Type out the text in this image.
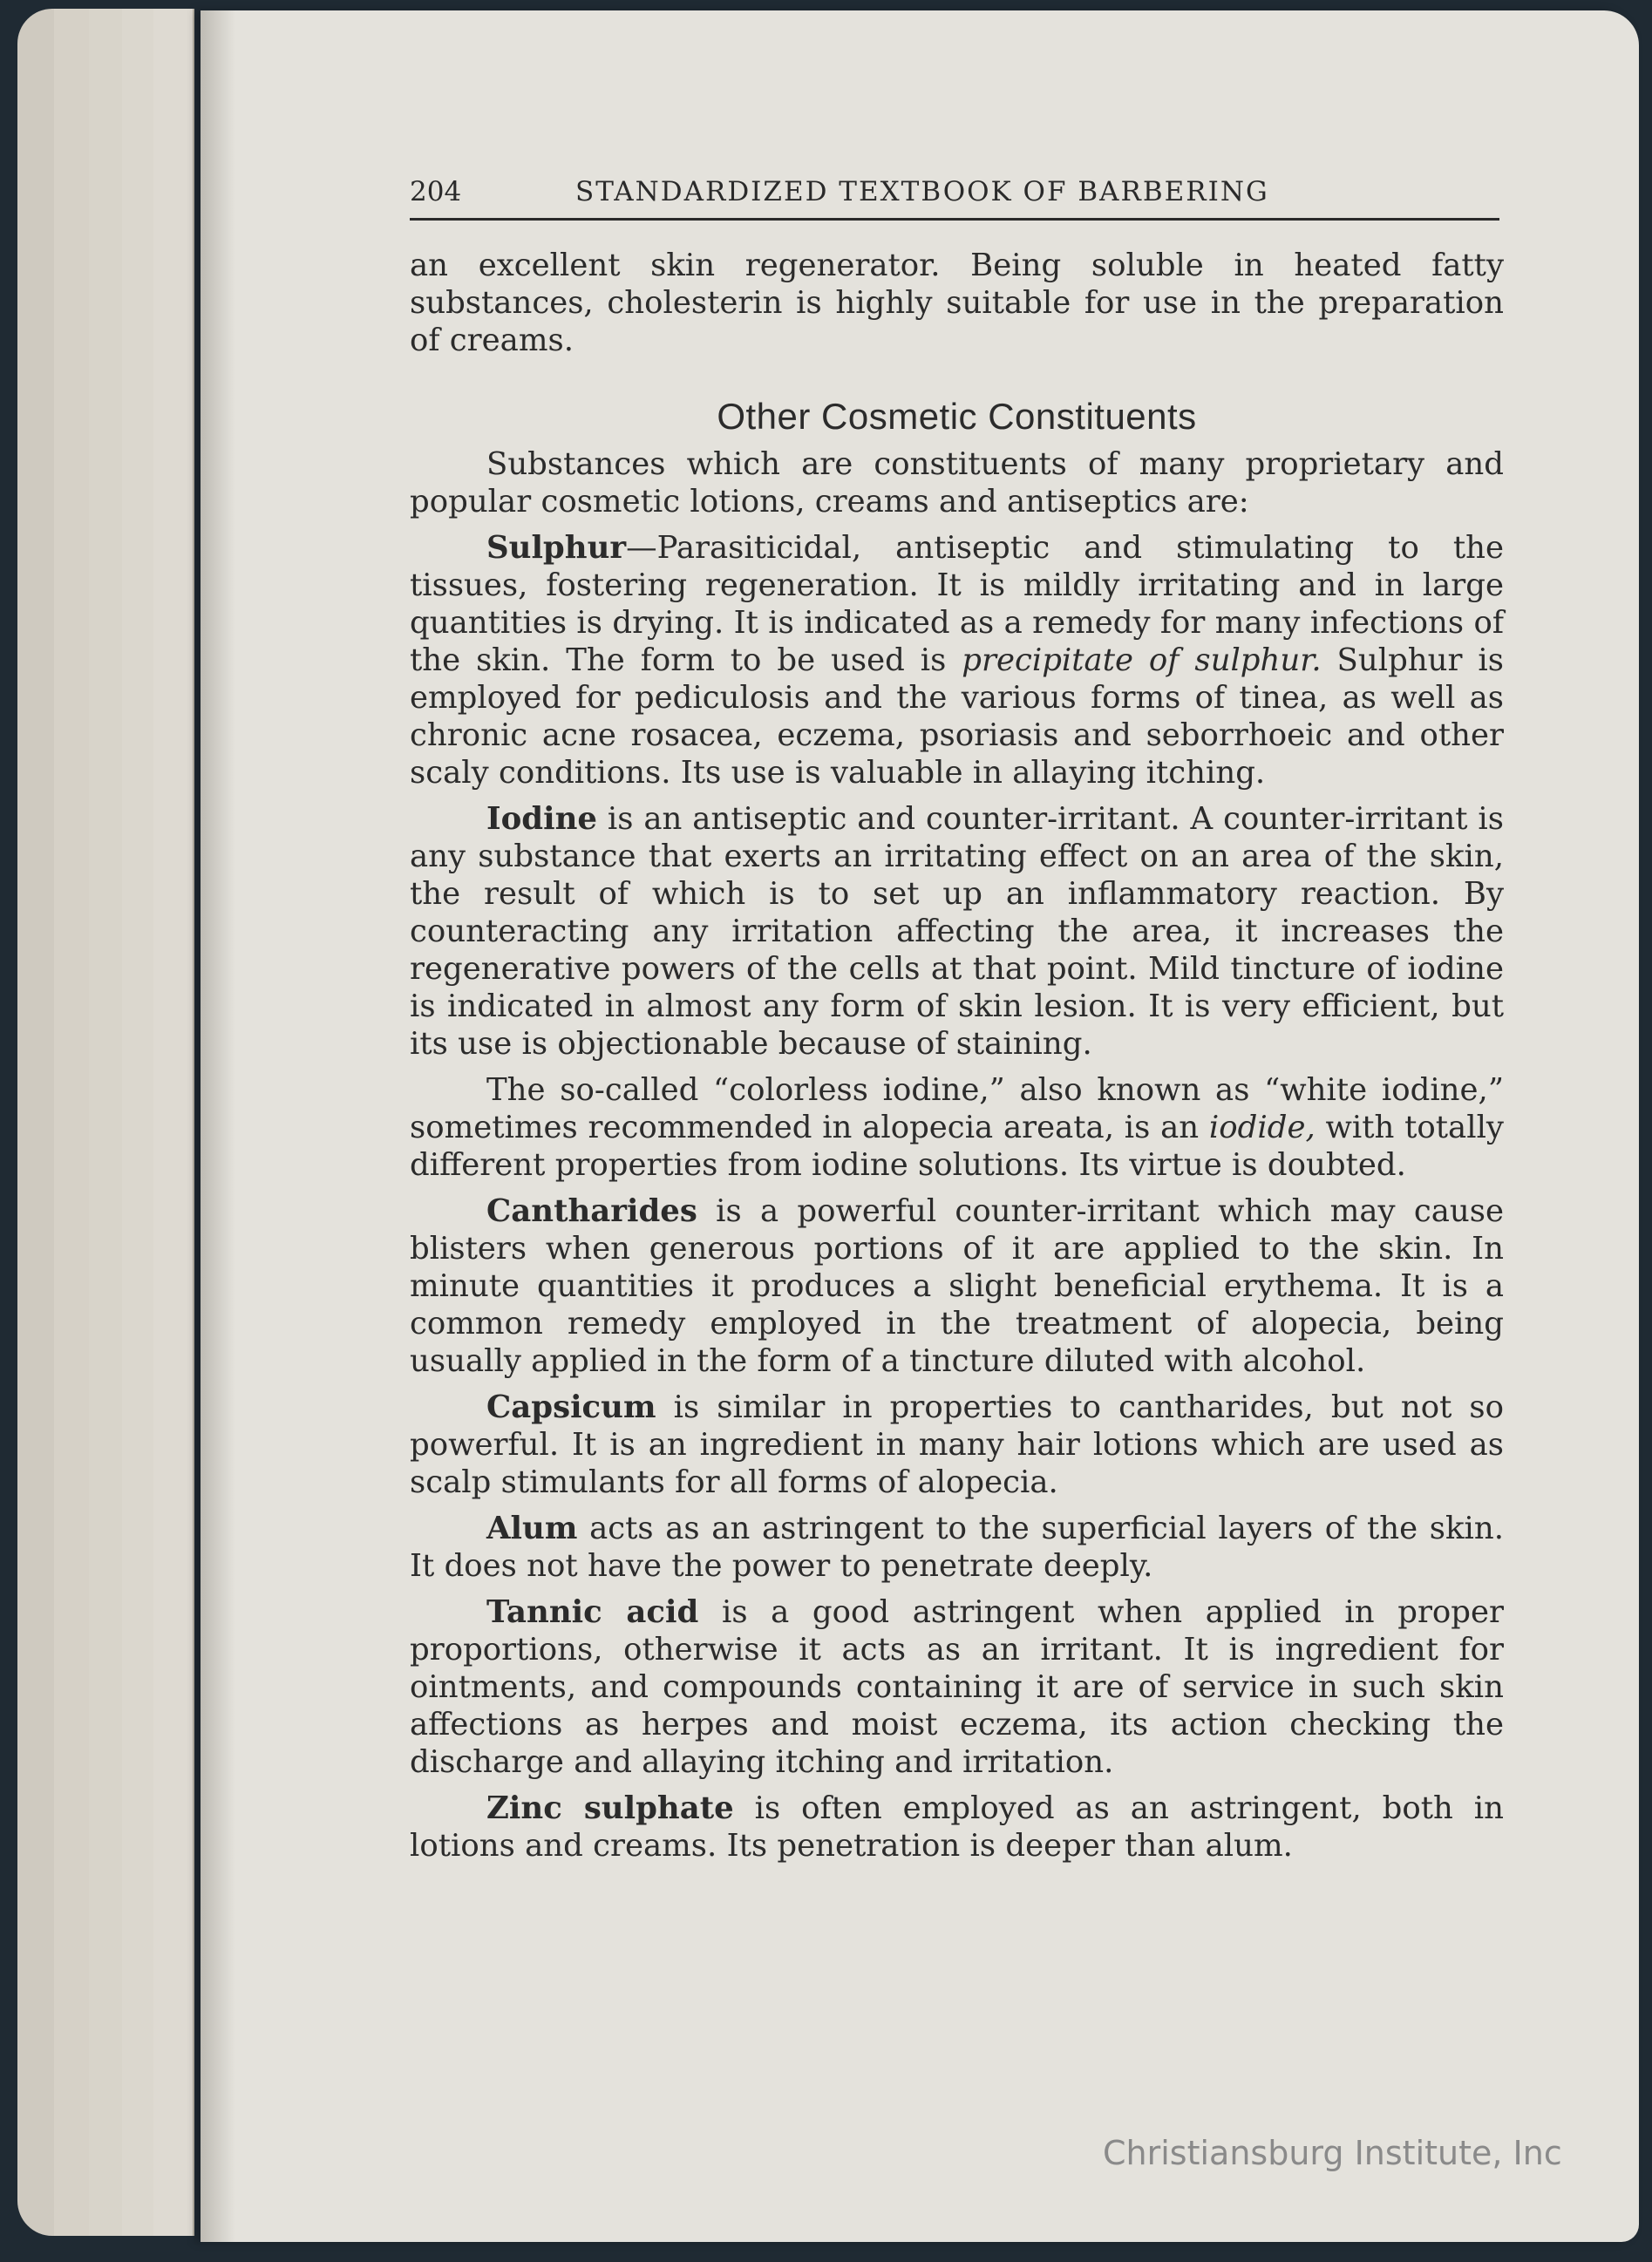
204	STANDARDIZED TEXTBOOK OF BARBERING

an excellent skin regenerator. Being soluble in heated fatty substances, cholesterin is highly suitable for use in the preparation of creams.

Other Cosmetic Constituents

Substances which are constituents of many proprietary and popular cosmetic lotions, creams and antiseptics are:

Sulphur—Parasiticidal, antiseptic and stimulating to the tissues, fostering regeneration. It is mildly irritating and in large quantities is drying. It is indicated as a remedy for many infections of the skin. The form to be used is precipitate of sulphur. Sulphur is employed for pediculosis and the various forms of tinea, as well as chronic acne rosacea, eczema, psoriasis and seborrhoeic and other scaly conditions. Its use is valuable in allaying itching.

Iodine is an antiseptic and counter-irritant. A counter-irritant is any substance that exerts an irritating effect on an area of the skin, the result of which is to set up an inflammatory reaction. By counteracting any irritation affecting the area, it increases the regenerative powers of the cells at that point. Mild tincture of iodine is indicated in almost any form of skin lesion. It is very efficient, but its use is objectionable because of staining.

The so-called “colorless iodine,” also known as “white iodine,” sometimes recommended in alopecia areata, is an iodide, with totally different properties from iodine solutions. Its virtue is doubted.

Cantharides is a powerful counter-irritant which may cause blisters when generous portions of it are applied to the skin. In minute quantities it produces a slight beneficial erythema. It is a common remedy employed in the treatment of alopecia, being usually applied in the form of a tincture diluted with alcohol.

Capsicum is similar in properties to cantharides, but not so powerful. It is an ingredient in many hair lotions which are used as scalp stimulants for all forms of alopecia.

Alum acts as an astringent to the superficial layers of the skin. It does not have the power to penetrate deeply.

Tannic acid is a good astringent when applied in proper proportions, otherwise it acts as an irritant. It is ingredient for ointments, and compounds containing it are of service in such skin affections as herpes and moist eczema, its action checking the discharge and allaying itching and irritation.

Zinc sulphate is often employed as an astringent, both in lotions and creams. Its penetration is deeper than alum.

Christiansburg Institute, Inc
